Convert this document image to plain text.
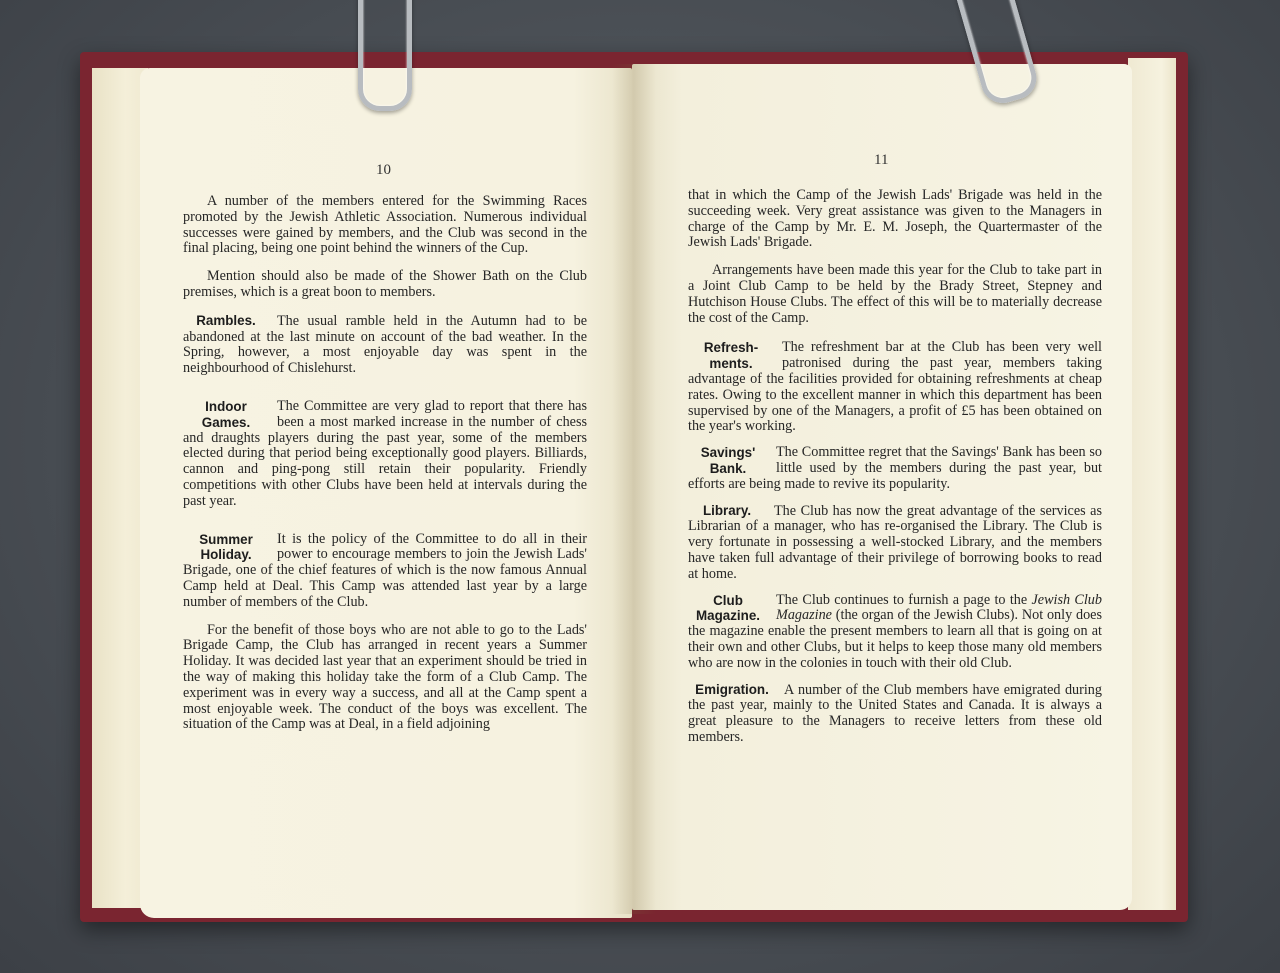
10

A number of the members entered for the Swimming Races promoted by the Jewish Athletic Association. Numerous individual successes were gained by members, and the Club was second in the final placing, being one point behind the winners of the Cup.

Mention should also be made of the Shower Bath on the Club premises, which is a great boon to members.

Rambles. The usual ramble held in the Autumn had to be abandoned at the last minute on account of the bad weather. In the Spring, however, a most enjoyable day was spent in the neighbourhood of Chislehurst.
Indoor
Games.
The Committee are very glad to report that there has been a most marked increase in the number of chess and draughts players during the past year, some of the members elected during that period being exceptionally good players. Billiards, cannon and ping-pong still retain their popularity. Friendly competitions with other Clubs have been held at intervals during the past year.
Summer
Holiday.
It is the policy of the Committee to do all in their power to encourage members to join the Jewish Lads' Brigade, one of the chief features of which is the now famous Annual Camp held at Deal. This Camp was attended last year by a large number of members of the Club.

For the benefit of those boys who are not able to go to the Lads' Brigade Camp, the Club has arranged in recent years a Summer Holiday. It was decided last year that an experiment should be tried in the way of making this holiday take the form of a Club Camp. The experiment was in every way a success, and all at the Camp spent a most enjoyable week. The conduct of the boys was excellent. The situation of the Camp was at Deal, in a field adjoining

11

that in which the Camp of the Jewish Lads' Brigade was held in the succeeding week. Very great assistance was given to the Managers in charge of the Camp by Mr. E. M. Joseph, the Quartermaster of the Jewish Lads' Brigade.

Arrangements have been made this year for the Club to take part in a Joint Club Camp to be held by the Brady Street, Stepney and Hutchison House Clubs. The effect of this will be to materially decrease the cost of the Camp.

Refresh-
ments.
The refreshment bar at the Club has been very well patronised during the past year, members taking advantage of the facilities provided for obtaining refreshments at cheap rates. Owing to the excellent manner in which this department has been supervised by one of the Managers, a profit of £5 has been obtained on the year's working.
Savings'
Bank.
The Committee regret that the Savings' Bank has been so little used by the members during the past year, but efforts are being made to revive its popularity.
Library. The Club has now the great advantage of the services as Librarian of a manager, who has re-organised the Library. The Club is very fortunate in possessing a well-stocked Library, and the members have taken full advantage of their privilege of borrowing books to read at home.
Club
Magazine.
The Club continues to furnish a page to the Jewish Club Magazine (the organ of the Jewish Clubs). Not only does the magazine enable the present members to learn all that is going on at their own and other Clubs, but it helps to keep those many old members who are now in the colonies in touch with their old Club.
Emigration. A number of the Club members have emigrated during the past year, mainly to the United States and Canada. It is always a great pleasure to the Managers to receive letters from these old members.
